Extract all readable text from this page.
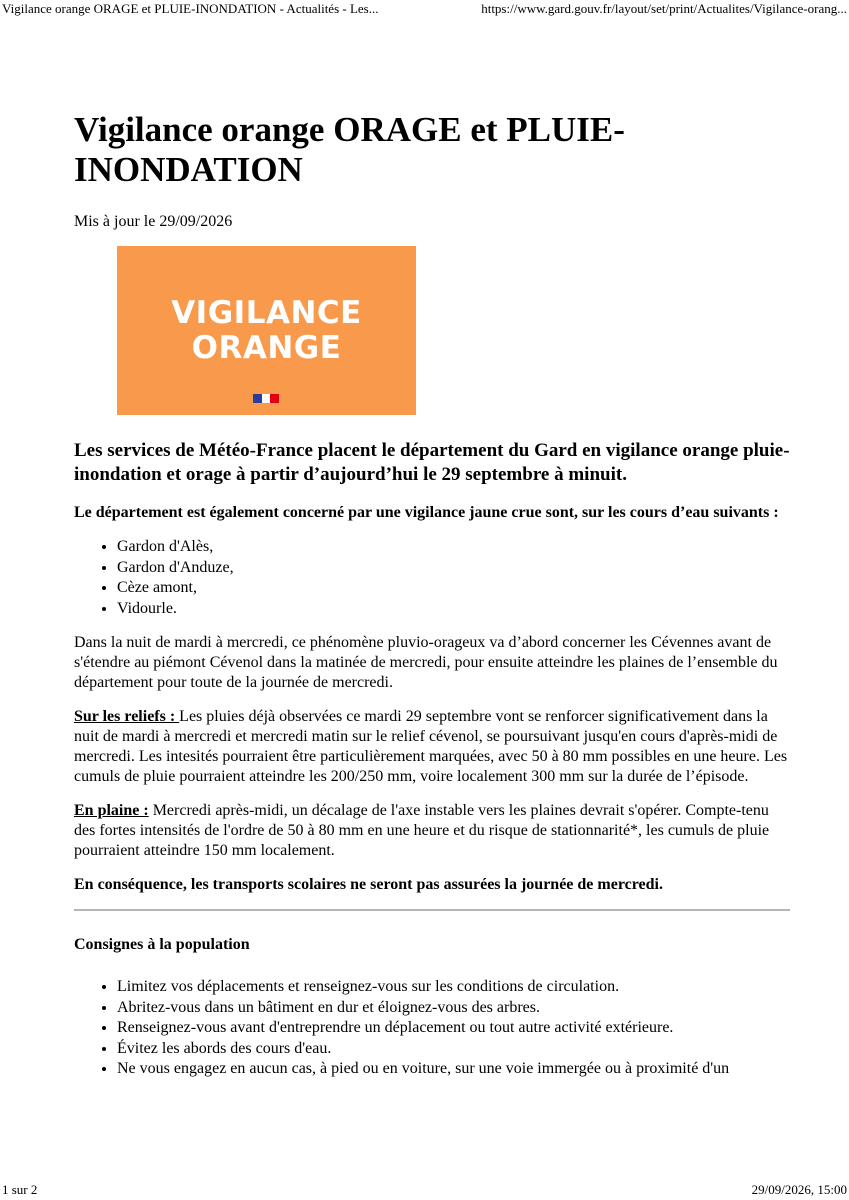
Vigilance orange ORAGE et PLUIE-INONDATION - Actualités - Les...	https://www.gard.gouv.fr/layout/set/print/Actualites/Vigilance-orang...
Vigilance orange ORAGE et PLUIE-INONDATION

Mis à jour le 29/09/2026

VIGILANCE
ORANGE

Les services de Météo-France placent le département du Gard en vigilance orange pluie-inondation et orage à partir d’aujourd’hui le 29 septembre à minuit.

Le département est également concerné par une vigilance jaune crue sont, sur les cours d’eau suivants :

• Gardon d'Alès,
• Gardon d'Anduze,
• Cèze amont,
• Vidourle.

Dans la nuit de mardi à mercredi, ce phénomène pluvio-orageux va d’abord concerner les Cévennes avant de s'étendre au piémont Cévenol dans la matinée de mercredi, pour ensuite atteindre les plaines de l’ensemble du département pour toute de la journée de mercredi.

Sur les reliefs : Les pluies déjà observées ce mardi 29 septembre vont se renforcer significativement dans la nuit de mardi à mercredi et mercredi matin sur le relief cévenol, se poursuivant jusqu'en cours d'après-midi de mercredi. Les intesités pourraient être particulièrement marquées, avec 50 à 80 mm possibles en une heure. Les cumuls de pluie pourraient atteindre les 200/250 mm, voire localement 300 mm sur la durée de l’épisode.

En plaine : Mercredi après-midi, un décalage de l'axe instable vers les plaines devrait s'opérer. Compte-tenu des fortes intensités de l'ordre de 50 à 80 mm en une heure et du risque de stationnarité*, les cumuls de pluie pourraient atteindre 150 mm localement.

En conséquence, les transports scolaires ne seront pas assurées la journée de mercredi.

Consignes à la population

• Limitez vos déplacements et renseignez-vous sur les conditions de circulation.
• Abritez-vous dans un bâtiment en dur et éloignez-vous des arbres.
• Renseignez-vous avant d'entreprendre un déplacement ou tout autre activité extérieure.
• Évitez les abords des cours d'eau.
• Ne vous engagez en aucun cas, à pied ou en voiture, sur une voie immergée ou à proximité d'un
1 sur 2	29/09/2026, 15:00
